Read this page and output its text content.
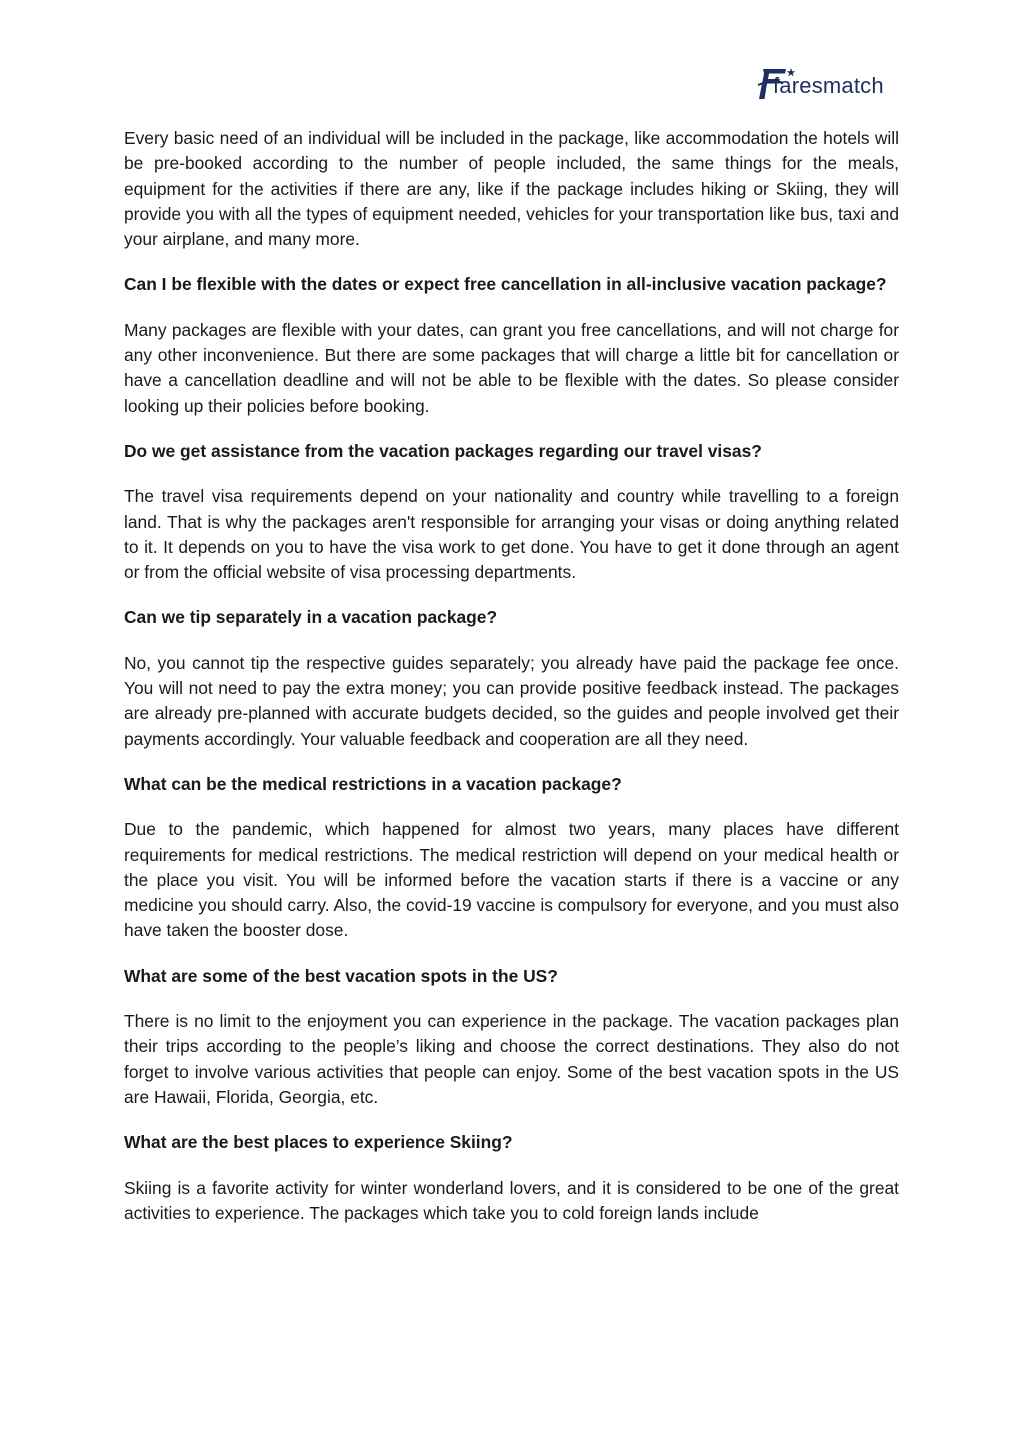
faresmatch

Every basic need of an individual will be included in the package, like accommodation the hotels will be pre-booked according to the number of people included, the same things for the meals, equipment for the activities if there are any, like if the package includes hiking or Skiing, they will provide you with all the types of equipment needed, vehicles for your transportation like bus, taxi and your airplane, and many more.

Can I be flexible with the dates or expect free cancellation in all-inclusive vacation package?

Many packages are flexible with your dates, can grant you free cancellations, and will not charge for any other inconvenience. But there are some packages that will charge a little bit for cancellation or have a cancellation deadline and will not be able to be flexible with the dates. So please consider looking up their policies before booking.

Do we get assistance from the vacation packages regarding our travel visas?

The travel visa requirements depend on your nationality and country while travelling to a foreign land. That is why the packages aren't responsible for arranging your visas or doing anything related to it. It depends on you to have the visa work to get done. You have to get it done through an agent or from the official website of visa processing departments.

Can we tip separately in a vacation package?

No, you cannot tip the respective guides separately; you already have paid the package fee once. You will not need to pay the extra money; you can provide positive feedback instead. The packages are already pre-planned with accurate budgets decided, so the guides and people involved get their payments accordingly. Your valuable feedback and cooperation are all they need.

What can be the medical restrictions in a vacation package?

Due to the pandemic, which happened for almost two years, many places have different requirements for medical restrictions. The medical restriction will depend on your medical health or the place you visit. You will be informed before the vacation starts if there is a vaccine or any medicine you should carry. Also, the covid-19 vaccine is compulsory for everyone, and you must also have taken the booster dose.

What are some of the best vacation spots in the US?

There is no limit to the enjoyment you can experience in the package. The vacation packages plan their trips according to the people’s liking and choose the correct destinations. They also do not forget to involve various activities that people can enjoy. Some of the best vacation spots in the US are Hawaii, Florida, Georgia, etc.

What are the best places to experience Skiing?

Skiing is a favorite activity for winter wonderland lovers, and it is considered to be one of the great activities to experience. The packages which take you to cold foreign lands include
